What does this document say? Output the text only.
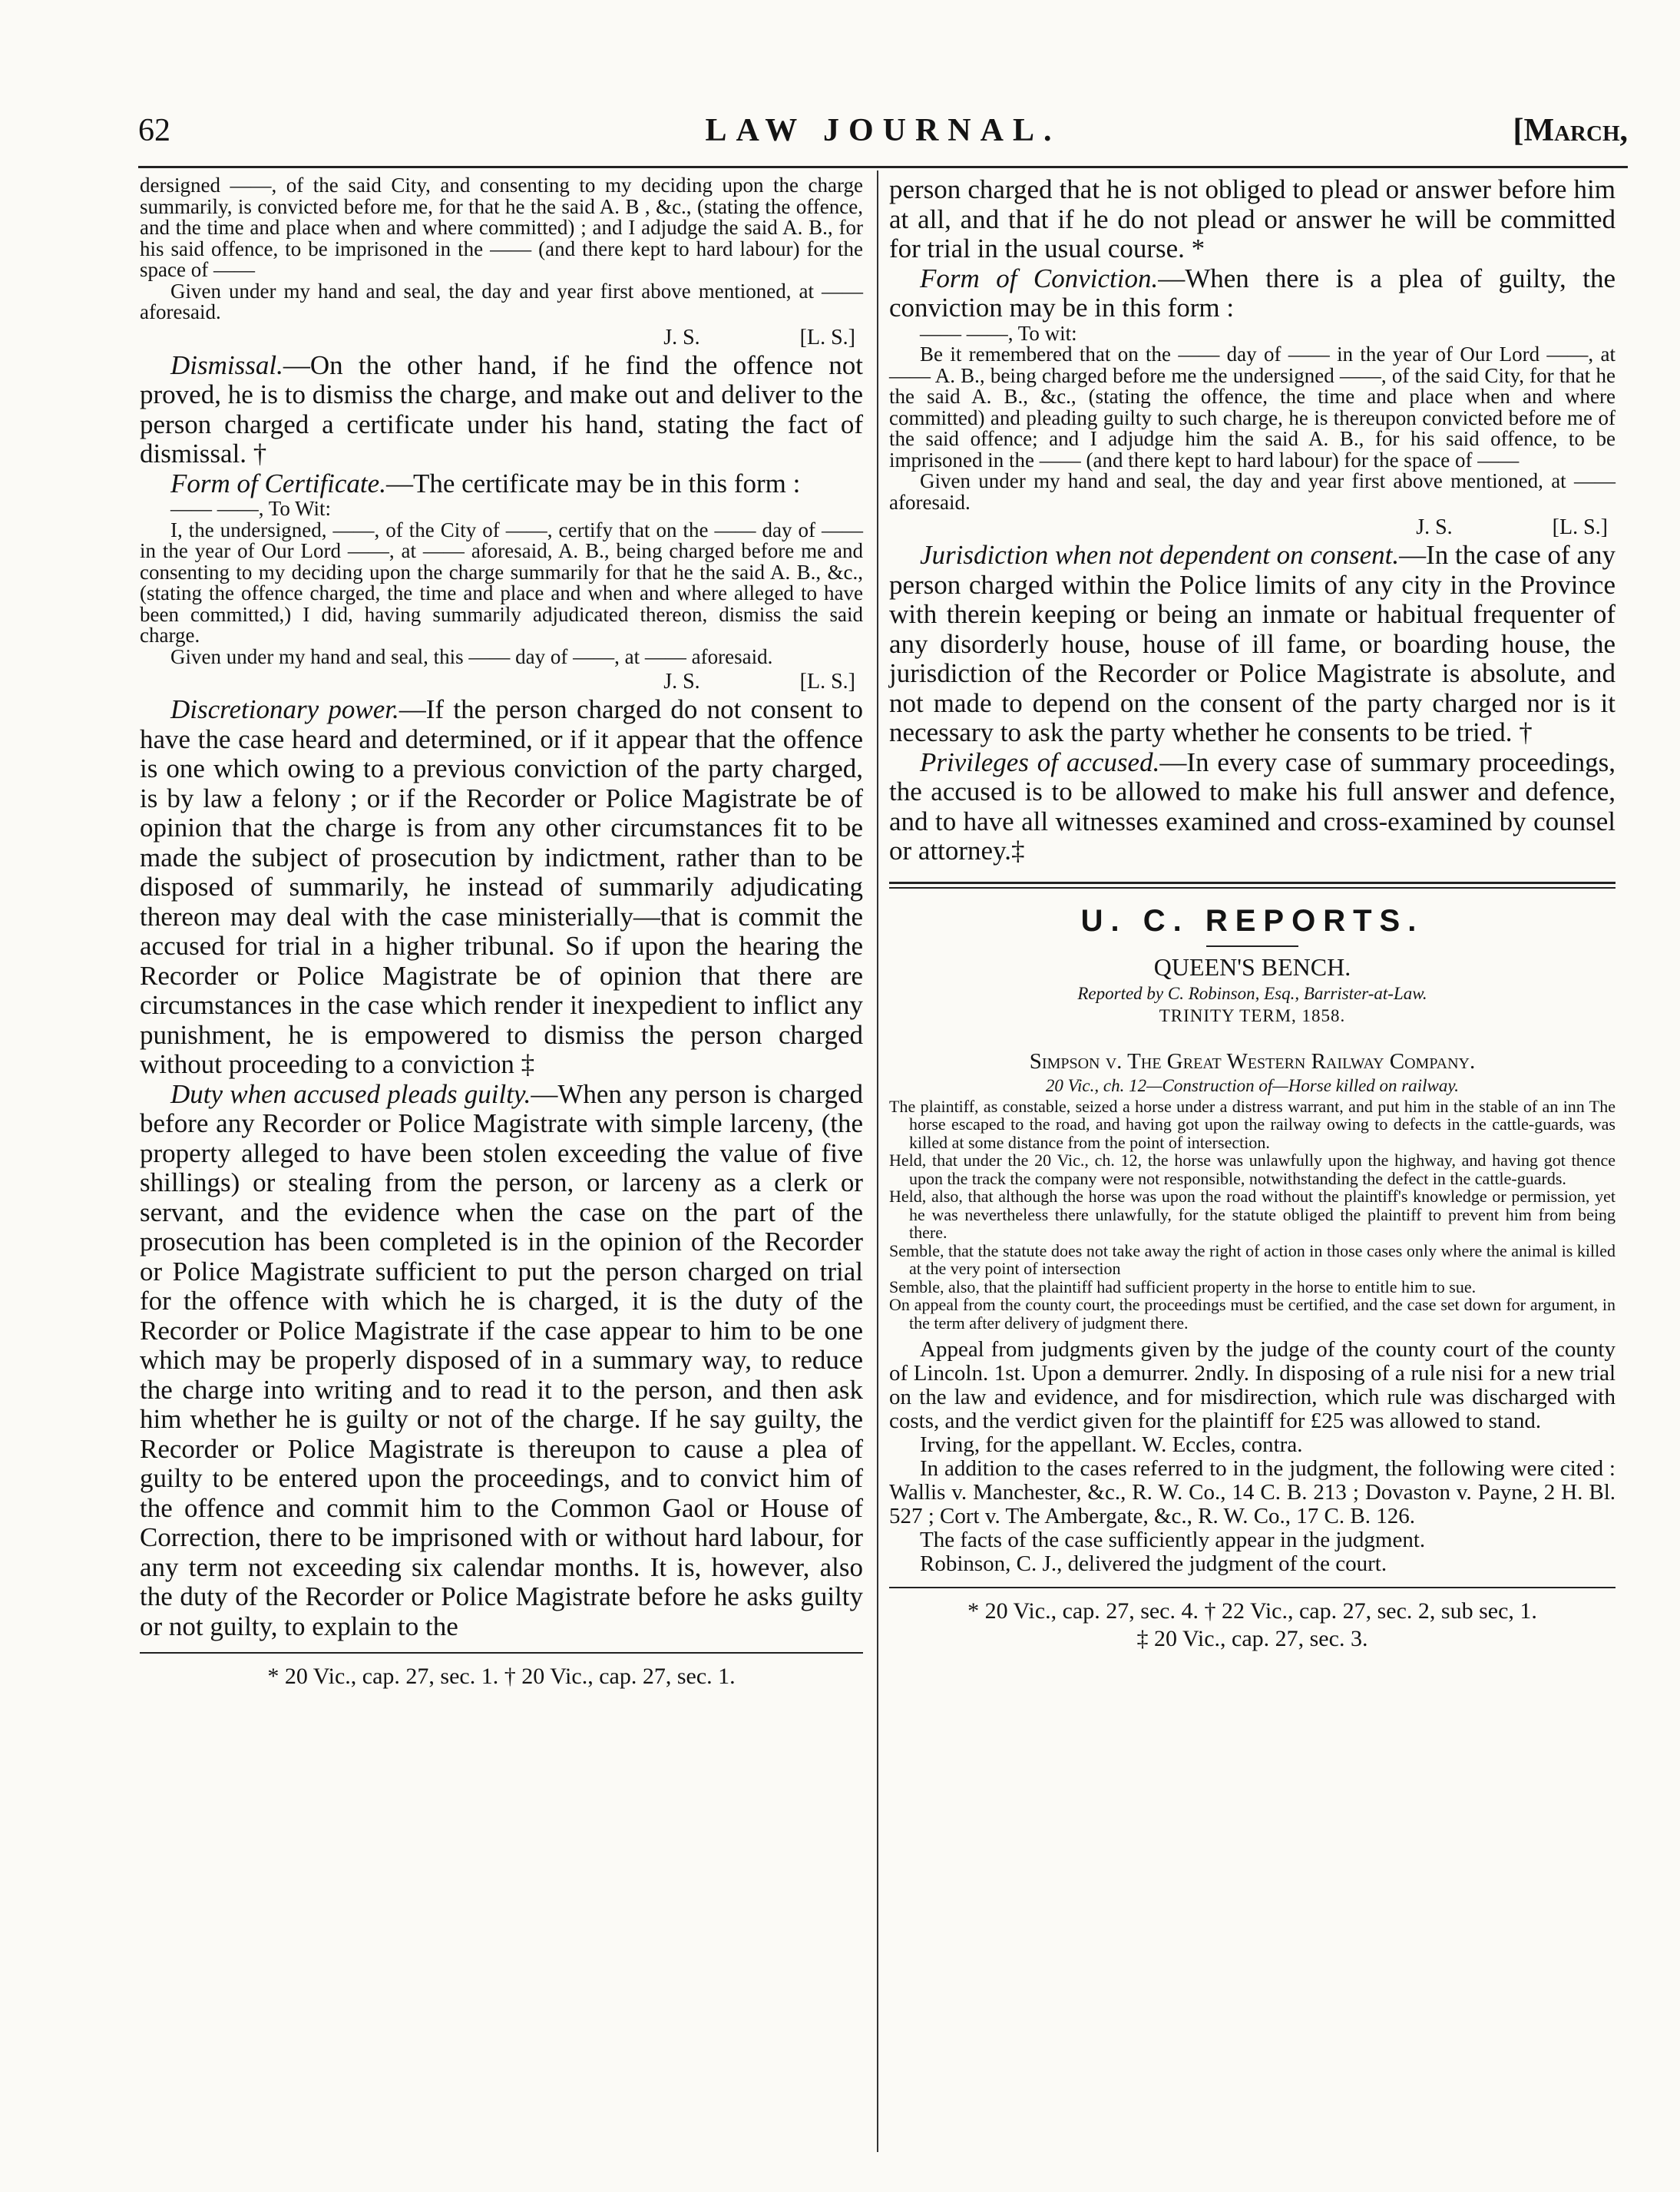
62	LAW JOURNAL.	[March,

dersigned ——, of the said City, and consenting to my deciding upon the charge summarily, is convicted before me, for that he the said A. B , &c., (stating the offence, and the time and place when and where committed) ; and I adjudge the said A. B., for his said offence, to be imprisoned in the —— (and there kept to hard labour) for the space of ——

Given under my hand and seal, the day and year first above mentioned, at —— aforesaid.

J. S.	[L. S.]

Dismissal.—On the other hand, if he find the offence not proved, he is to dismiss the charge, and make out and deliver to the person charged a certificate under his hand, stating the fact of dismissal. †

Form of Certificate.—The certificate may be in this form :

—— ——, To Wit:

I, the undersigned, ——, of the City of ——, certify that on the —— day of —— in the year of Our Lord ——, at —— aforesaid, A. B., being charged before me and consenting to my deciding upon the charge summarily for that he the said A. B., &c., (stating the offence charged, the time and place and when and where alleged to have been committed,) I did, having summarily adjudicated thereon, dismiss the said charge.

Given under my hand and seal, this —— day of ——, at —— aforesaid.

J. S.	[L. S.]

Discretionary power.—If the person charged do not consent to have the case heard and determined, or if it appear that the offence is one which owing to a previous conviction of the party charged, is by law a felony ; or if the Recorder or Police Magistrate be of opinion that the charge is from any other circumstances fit to be made the subject of prosecution by indictment, rather than to be disposed of summarily, he instead of summarily adjudicating thereon may deal with the case ministerially—that is commit the accused for trial in a higher tribunal. So if upon the hearing the Recorder or Police Magistrate be of opinion that there are circumstances in the case which render it inexpedient to inflict any punishment, he is empowered to dismiss the person charged without proceeding to a conviction ‡

Duty when accused pleads guilty.—When any person is charged before any Recorder or Police Magistrate with simple larceny, (the property alleged to have been stolen exceeding the value of five shillings) or stealing from the person, or larceny as a clerk or servant, and the evidence when the case on the part of the prosecution has been completed is in the opinion of the Recorder or Police Magistrate sufficient to put the person charged on trial for the offence with which he is charged, it is the duty of the Recorder or Police Magistrate if the case appear to him to be one which may be properly disposed of in a summary way, to reduce the charge into writing and to read it to the person, and then ask him whether he is guilty or not of the charge. If he say guilty, the Recorder or Police Magistrate is thereupon to cause a plea of guilty to be entered upon the proceedings, and to convict him of the offence and commit him to the Common Gaol or House of Correction, there to be imprisoned with or without hard labour, for any term not exceeding six calendar months. It is, however, also the duty of the Recorder or Police Magistrate before he asks guilty or not guilty, to explain to the

* 20 Vic., cap. 27, sec. 1. † 20 Vic., cap. 27, sec. 1.

person charged that he is not obliged to plead or answer before him at all, and that if he do not plead or answer he will be committed for trial in the usual course. *

Form of Conviction.—When there is a plea of guilty, the conviction may be in this form :

—— ——, To wit:

Be it remembered that on the —— day of —— in the year of Our Lord ——, at —— A. B., being charged before me the undersigned ——, of the said City, for that he the said A. B., &c., (stating the offence, the time and place when and where committed) and pleading guilty to such charge, he is thereupon convicted before me of the said offence; and I adjudge him the said A. B., for his said offence, to be imprisoned in the —— (and there kept to hard labour) for the space of ——

Given under my hand and seal, the day and year first above mentioned, at —— aforesaid.

J. S.	[L. S.]

Jurisdiction when not dependent on consent.—In the case of any person charged within the Police limits of any city in the Province with therein keeping or being an inmate or habitual frequenter of any disorderly house, house of ill fame, or boarding house, the jurisdiction of the Recorder or Police Magistrate is absolute, and not made to depend on the consent of the party charged nor is it necessary to ask the party whether he consents to be tried. †

Privileges of accused.—In every case of summary proceedings, the accused is to be allowed to make his full answer and defence, and to have all witnesses examined and cross-examined by counsel or attorney.‡

U. C. REPORTS.
QUEEN'S BENCH.
Reported by C. Robinson, Esq., Barrister-at-Law.
TRINITY TERM, 1858.
Simpson v. The Great Western Railway Company.
20 Vic., ch. 12—Construction of—Horse killed on railway.

The plaintiff, as constable, seized a horse under a distress warrant, and put him in the stable of an inn The horse escaped to the road, and having got upon the railway owing to defects in the cattle-guards, was killed at some distance from the point of intersection.

Held, that under the 20 Vic., ch. 12, the horse was unlawfully upon the highway, and having got thence upon the track the company were not responsible, notwithstanding the defect in the cattle-guards.

Held, also, that although the horse was upon the road without the plaintiff's knowledge or permission, yet he was nevertheless there unlawfully, for the statute obliged the plaintiff to prevent him from being there.

Semble, that the statute does not take away the right of action in those cases only where the animal is killed at the very point of intersection

Semble, also, that the plaintiff had sufficient property in the horse to entitle him to sue.

On appeal from the county court, the proceedings must be certified, and the case set down for argument, in the term after delivery of judgment there.

Appeal from judgments given by the judge of the county court of the county of Lincoln. 1st. Upon a demurrer. 2ndly. In disposing of a rule nisi for a new trial on the law and evidence, and for misdirection, which rule was discharged with costs, and the verdict given for the plaintiff for £25 was allowed to stand.

Irving, for the appellant. W. Eccles, contra.

In addition to the cases referred to in the judgment, the following were cited : Wallis v. Manchester, &c., R. W. Co., 14 C. B. 213 ; Dovaston v. Payne, 2 H. Bl. 527 ; Cort v. The Ambergate, &c., R. W. Co., 17 C. B. 126.

The facts of the case sufficiently appear in the judgment.

Robinson, C. J., delivered the judgment of the court.

* 20 Vic., cap. 27, sec. 4. † 22 Vic., cap. 27, sec. 2, sub sec, 1.

‡ 20 Vic., cap. 27, sec. 3.
